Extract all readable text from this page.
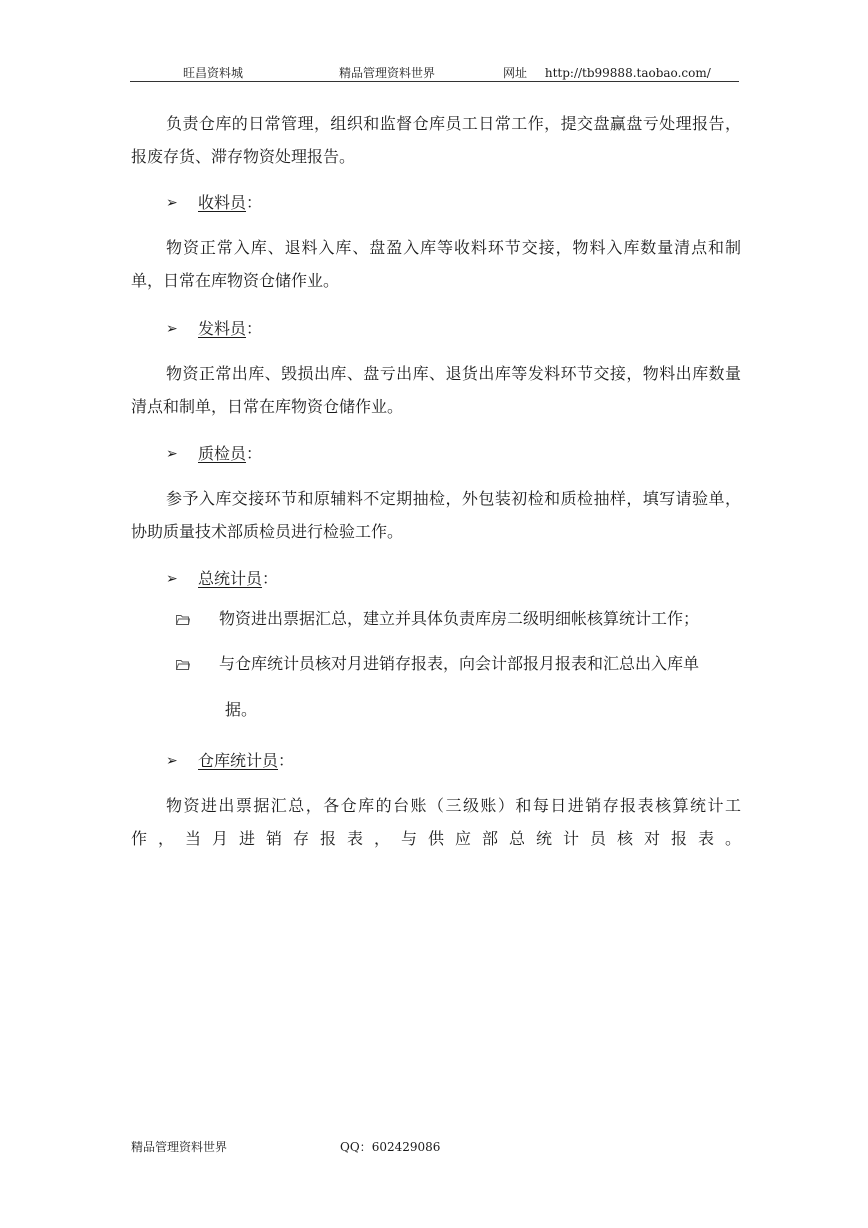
旺昌资料城	精品管理资料世界	网址 http://tb99888.taobao.com/

负责仓库的日常管理，组织和监督仓库员工日常工作，提交盘赢盘亏处理报告，报废存货、滞存物资处理报告。

➢ 收料员：

物资正常入库、退料入库、盘盈入库等收料环节交接，物料入库数量清点和制单，日常在库物资仓储作业。

➢ 发料员：

物资正常出库、毁损出库、盘亏出库、退货出库等发料环节交接，物料出库数量清点和制单，日常在库物资仓储作业。

➢ 质检员：

参予入库交接环节和原辅料不定期抽检，外包装初检和质检抽样，填写请验单，协助质量技术部质检员进行检验工作。

➢ 总统计员：
物资进出票据汇总，建立并具体负责库房二级明细帐核算统计工作；
与仓库统计员核对月进销存报表，向会计部报月报表和汇总出入库单
据。
➢ 仓库统计员：

物资进出票据汇总，各仓库的台账（三级账）和每日进销存报表核算统计工

作，当月进销存报表，与供应部总统计员核对报表。

精品管理资料世界	QQ：602429086
